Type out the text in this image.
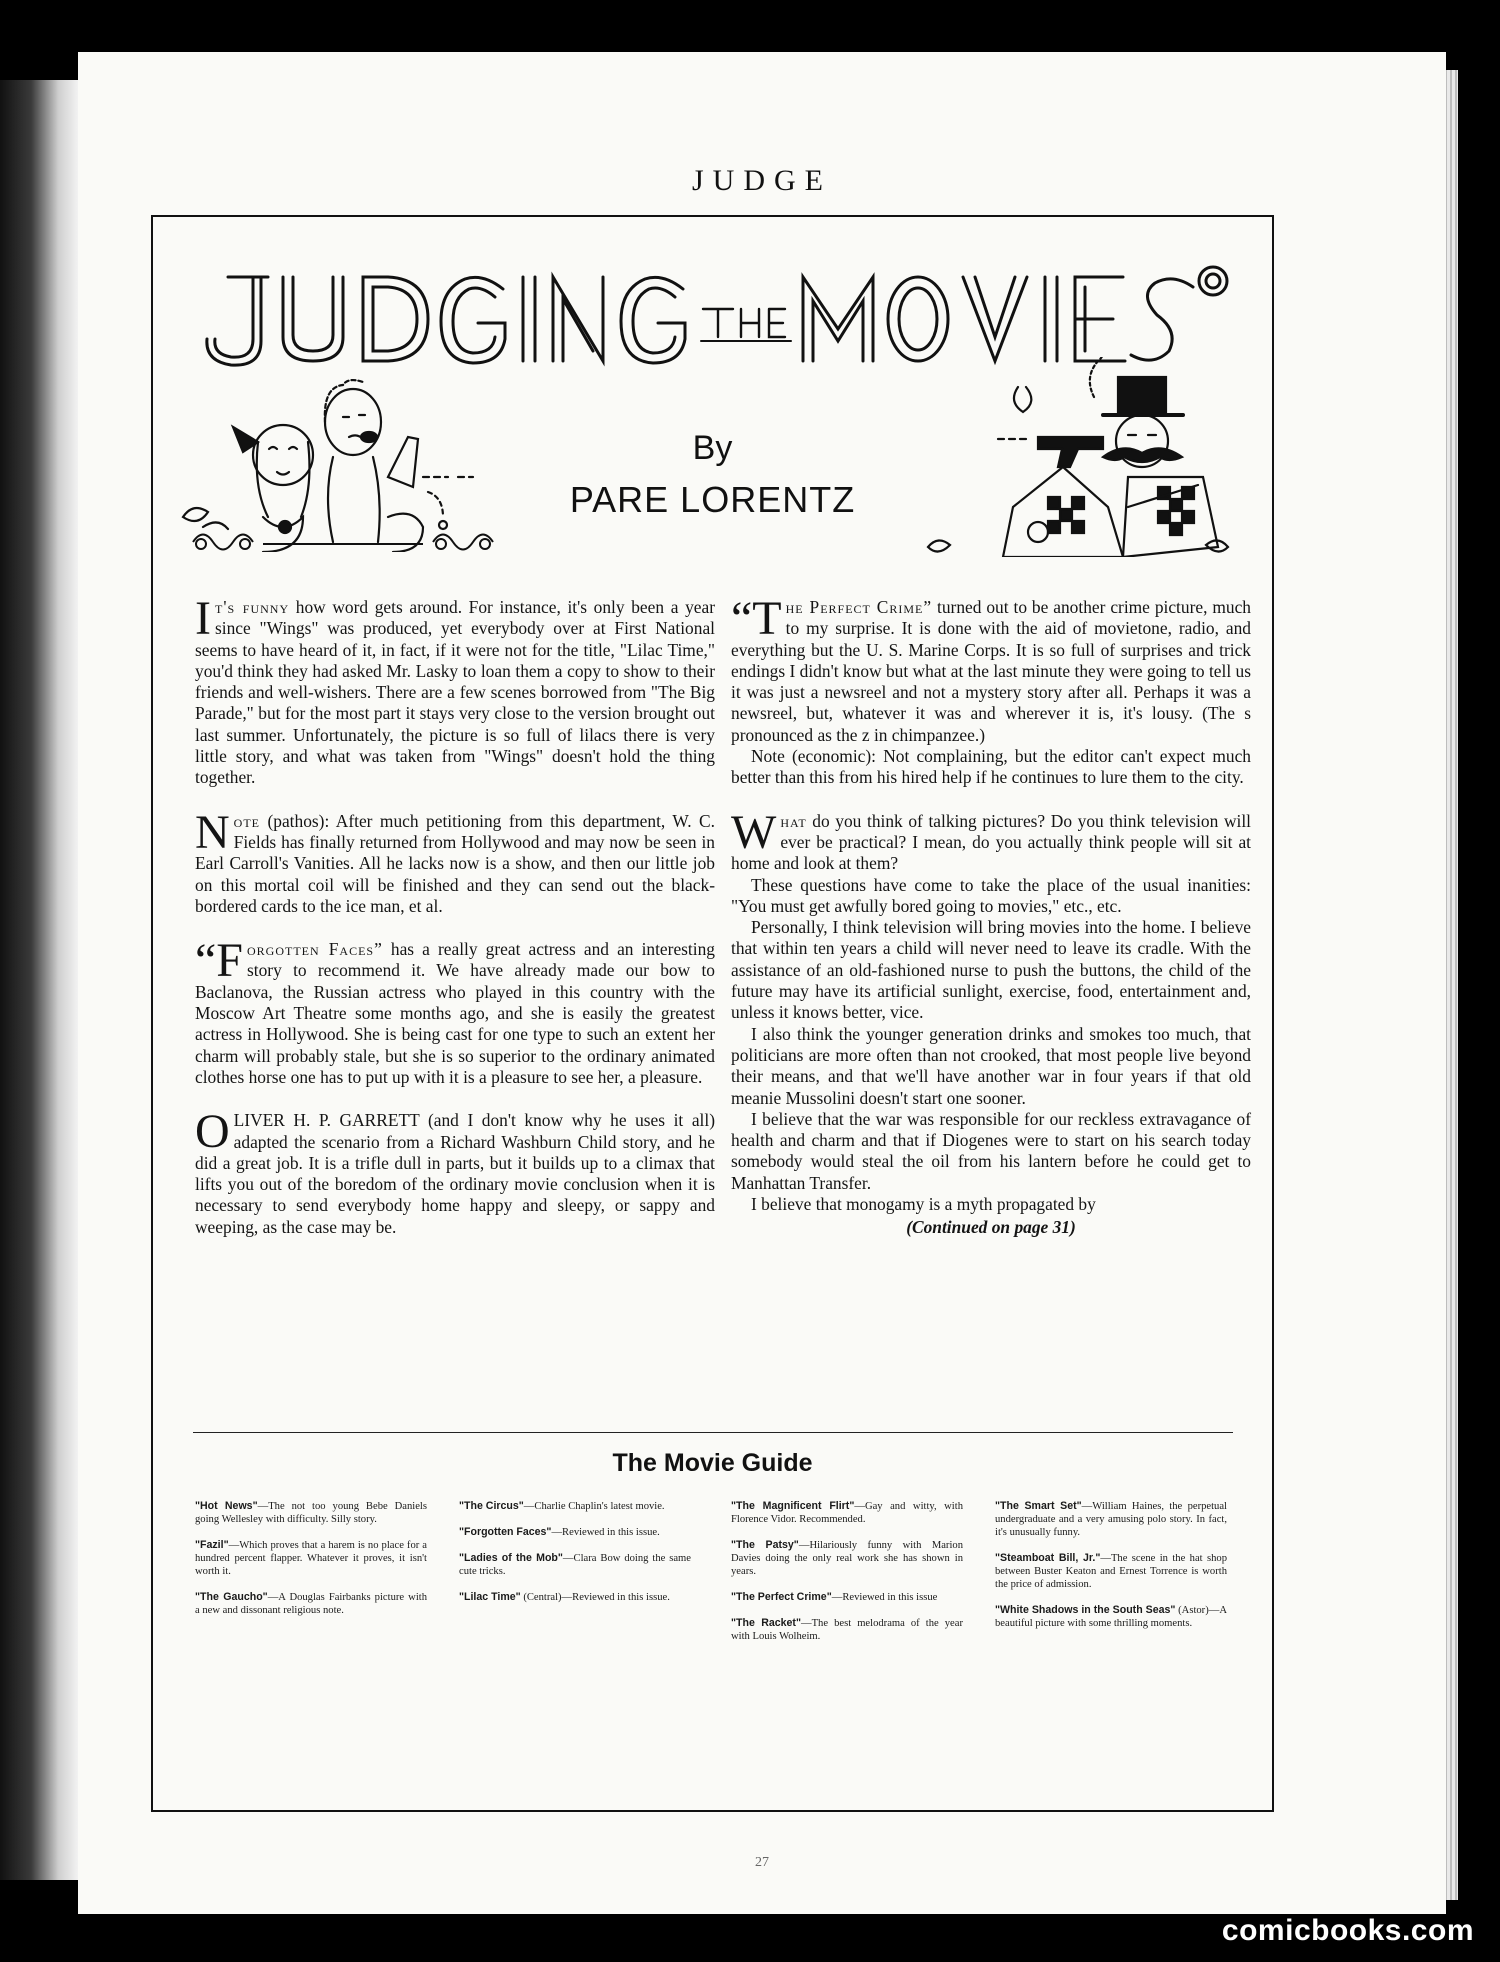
JUDGE
By
PARE LORENTZ

It's funny how word gets around. For instance, it's only been a year since "Wings" was produced, yet everybody over at First National seems to have heard of it, in fact, if it were not for the title, "Lilac Time," you'd think they had asked Mr. Lasky to loan them a copy to show to their friends and well-wishers. There are a few scenes borrowed from "The Big Parade," but for the most part it stays very close to the version brought out last summer. Unfortunately, the picture is so full of lilacs there is very little story, and what was taken from "Wings" doesn't hold the thing together.

Note (pathos): After much petitioning from this department, W. C. Fields has finally returned from Hollywood and may now be seen in Earl Carroll's Vanities. All he lacks now is a show, and then our little job on this mortal coil will be finished and they can send out the black-bordered cards to the ice man, et al.

“Forgotten Faces” has a really great actress and an interesting story to recommend it. We have already made our bow to Baclanova, the Russian actress who played in this country with the Moscow Art Theatre some months ago, and she is easily the greatest actress in Hollywood. She is being cast for one type to such an extent her charm will probably stale, but she is so superior to the ordinary animated clothes horse one has to put up with it is a pleasure to see her, a pleasure.

OLIVER H. P. GARRETT (and I don't know why he uses it all) adapted the scenario from a Richard Washburn Child story, and he did a great job. It is a trifle dull in parts, but it builds up to a climax that lifts you out of the boredom of the ordinary movie conclusion when it is necessary to send everybody home happy and sleepy, or sappy and weeping, as the case may be.

“The Perfect Crime” turned out to be another crime picture, much to my surprise. It is done with the aid of movietone, radio, and everything but the U. S. Marine Corps. It is so full of surprises and trick endings I didn't know but what at the last minute they were going to tell us it was just a newsreel and not a mystery story after all. Perhaps it was a newsreel, but, whatever it was and wherever it is, it's lousy. (The s pronounced as the z in chimpanzee.)

Note (economic): Not complaining, but the editor can't expect much better than this from his hired help if he continues to lure them to the city.

What do you think of talking pictures? Do you think television will ever be practical? I mean, do you actually think people will sit at home and look at them?

These questions have come to take the place of the usual inanities: "You must get awfully bored going to movies," etc., etc.

Personally, I think television will bring movies into the home. I believe that within ten years a child will never need to leave its cradle. With the assistance of an old-fashioned nurse to push the buttons, the child of the future may have its artificial sunlight, exercise, food, entertainment and, unless it knows better, vice.

I also think the younger generation drinks and smokes too much, that politicians are more often than not crooked, that most people live beyond their means, and that we'll have another war in four years if that old meanie Mussolini doesn't start one sooner.

I believe that the war was responsible for our reckless extravagance of health and charm and that if Diogenes were to start on his search today somebody would steal the oil from his lantern before he could get to Manhattan Transfer.

I believe that monogamy is a myth propagated by

(Continued on page 31)

The Movie Guide
"Hot News"—The not too young Bebe Daniels going Wellesley with difficulty. Silly story.
"Fazil"—Which proves that a harem is no place for a hundred percent flapper. Whatever it proves, it isn't worth it.
"The Gaucho"—A Douglas Fairbanks picture with a new and dissonant religious note.
"The Circus"—Charlie Chaplin's latest movie.
"Forgotten Faces"—Reviewed in this issue.
"Ladies of the Mob"—Clara Bow doing the same cute tricks.
"Lilac Time" (Central)—Reviewed in this issue.
"The Magnificent Flirt"—Gay and witty, with Florence Vidor. Recommended.
"The Patsy"—Hilariously funny with Marion Davies doing the only real work she has shown in years.
"The Perfect Crime"—Reviewed in this issue
"The Racket"—The best melodrama of the year with Louis Wolheim.
"The Smart Set"—William Haines, the perpetual undergraduate and a very amusing polo story. In fact, it's unusually funny.
"Steamboat Bill, Jr."—The scene in the hat shop between Buster Keaton and Ernest Torrence is worth the price of admission.
"White Shadows in the South Seas" (Astor)—A beautiful picture with some thrilling moments.
27
comicbooks.com
